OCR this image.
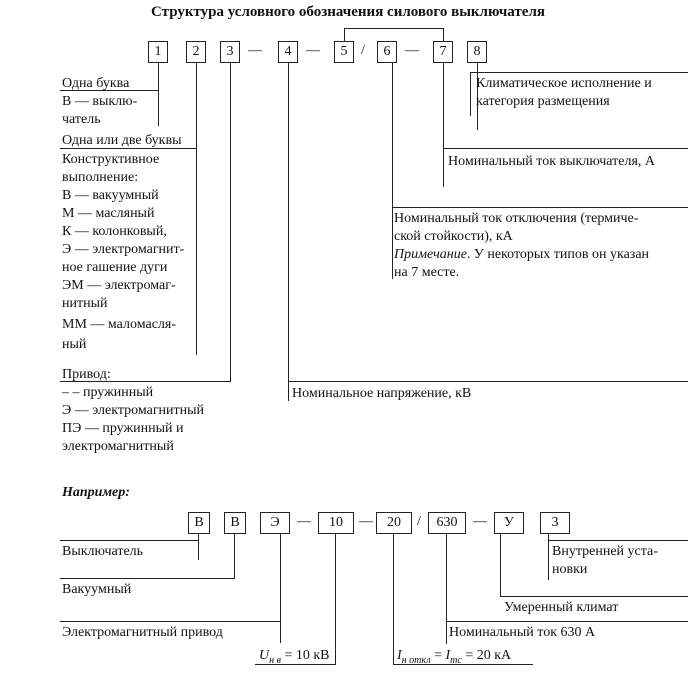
Структура условного обозначения силового выключателя
1	2	3	—	4	—	5 /	6	—	7	8
Одна буква
В — выклю-
чатель
Одна или две буквы
Конструктивное
выполнение:
В — вакуумный
М — масляный
К — колонковый,
Э — электромагнит-
ное гашение дуги
ЭМ — электромаг-
нитный
ММ — маломасля-
ный
Привод:
– – пружинный
Э — электромагнитный
ПЭ — пружинный и
электромагнитный
Климатическое исполнение и
категория размещения
Номинальный ток выключателя, А
Номинальный ток отключения (термиче-
ской стойкости), кА
Примечание. У некоторых типов он указан
на 7 месте.
Номинальное напряжение, кВ
Например:
В	В	Э	—	10	—	20	/	630	—	У	3
Выключатель
Вакуумный
Электромагнитный привод
Внутренней уста-
новки
Умеренный климат
Номинальный ток 630 А
$U_{н в} = 10$ кВ	$I_{н откл} = I_{тс} = 20$ кА
